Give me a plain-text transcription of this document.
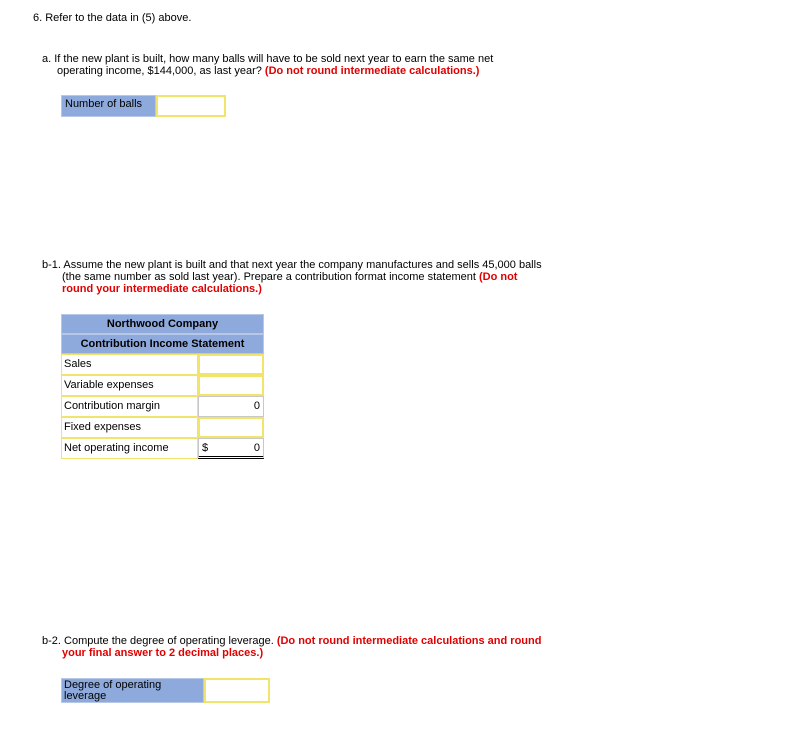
6. Refer to the data in (5) above.
a. If the new plant is built, how many balls will have to be sold next year to earn the same net
operating income, $144,000, as last year? (Do not round intermediate calculations.)
Number of balls
b-1. Assume the new plant is built and that next year the company manufactures and sells 45,000 balls
(the same number as sold last year). Prepare a contribution format income statement (Do not
round your intermediate calculations.)
Northwood Company
Contribution Income Statement
Sales
Variable expenses
Contribution margin	0
Fixed expenses
Net operating income	$	0
b-2. Compute the degree of operating leverage. (Do not round intermediate calculations and round
your final answer to 2 decimal places.)
Degree of operating
leverage
